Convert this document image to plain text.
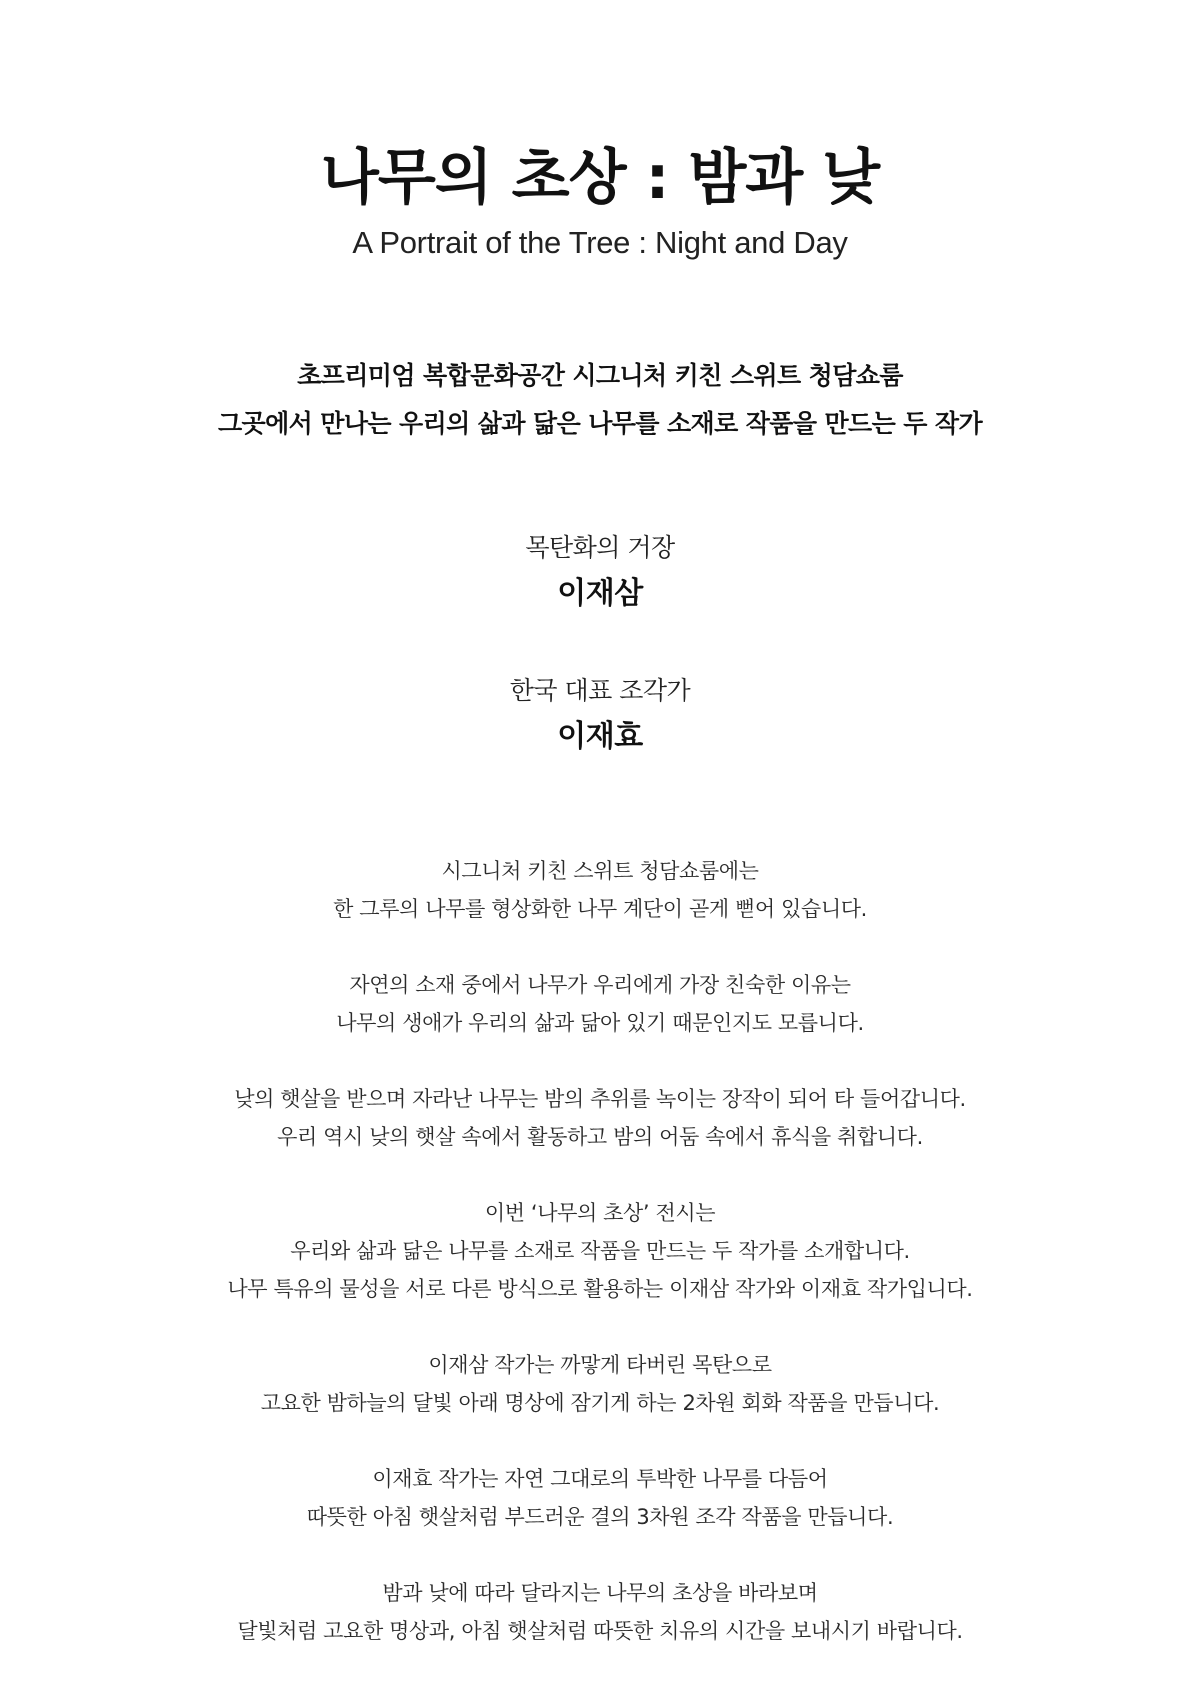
나무의 초상 : 밤과 낮
A Portrait of the Tree : Night and Day
초프리미엄 복합문화공간 시그니처 키친 스위트 청담쇼룸
그곳에서 만나는 우리의 삶과 닮은 나무를 소재로 작품을 만드는 두 작가
목탄화의 거장
이재삼
한국 대표 조각가
이재효
시그니처 키친 스위트 청담쇼룸에는
한 그루의 나무를 형상화한 나무 계단이 곧게 뻗어 있습니다.
자연의 소재 중에서 나무가 우리에게 가장 친숙한 이유는
나무의 생애가 우리의 삶과 닮아 있기 때문인지도 모릅니다.
낮의 햇살을 받으며 자라난 나무는 밤의 추위를 녹이는 장작이 되어 타 들어갑니다.
우리 역시 낮의 햇살 속에서 활동하고 밤의 어둠 속에서 휴식을 취합니다.
이번 ‘나무의 초상’ 전시는
우리와 삶과 닮은 나무를 소재로 작품을 만드는 두 작가를 소개합니다.
나무 특유의 물성을 서로 다른 방식으로 활용하는 이재삼 작가와 이재효 작가입니다.
이재삼 작가는 까맣게 타버린 목탄으로
고요한 밤하늘의 달빛 아래 명상에 잠기게 하는 2차원 회화 작품을 만듭니다.
이재효 작가는 자연 그대로의 투박한 나무를 다듬어
따뜻한 아침 햇살처럼 부드러운 결의 3차원 조각 작품을 만듭니다.
밤과 낮에 따라 달라지는 나무의 초상을 바라보며
달빛처럼 고요한 명상과, 아침 햇살처럼 따뜻한 치유의 시간을 보내시기 바랍니다.
